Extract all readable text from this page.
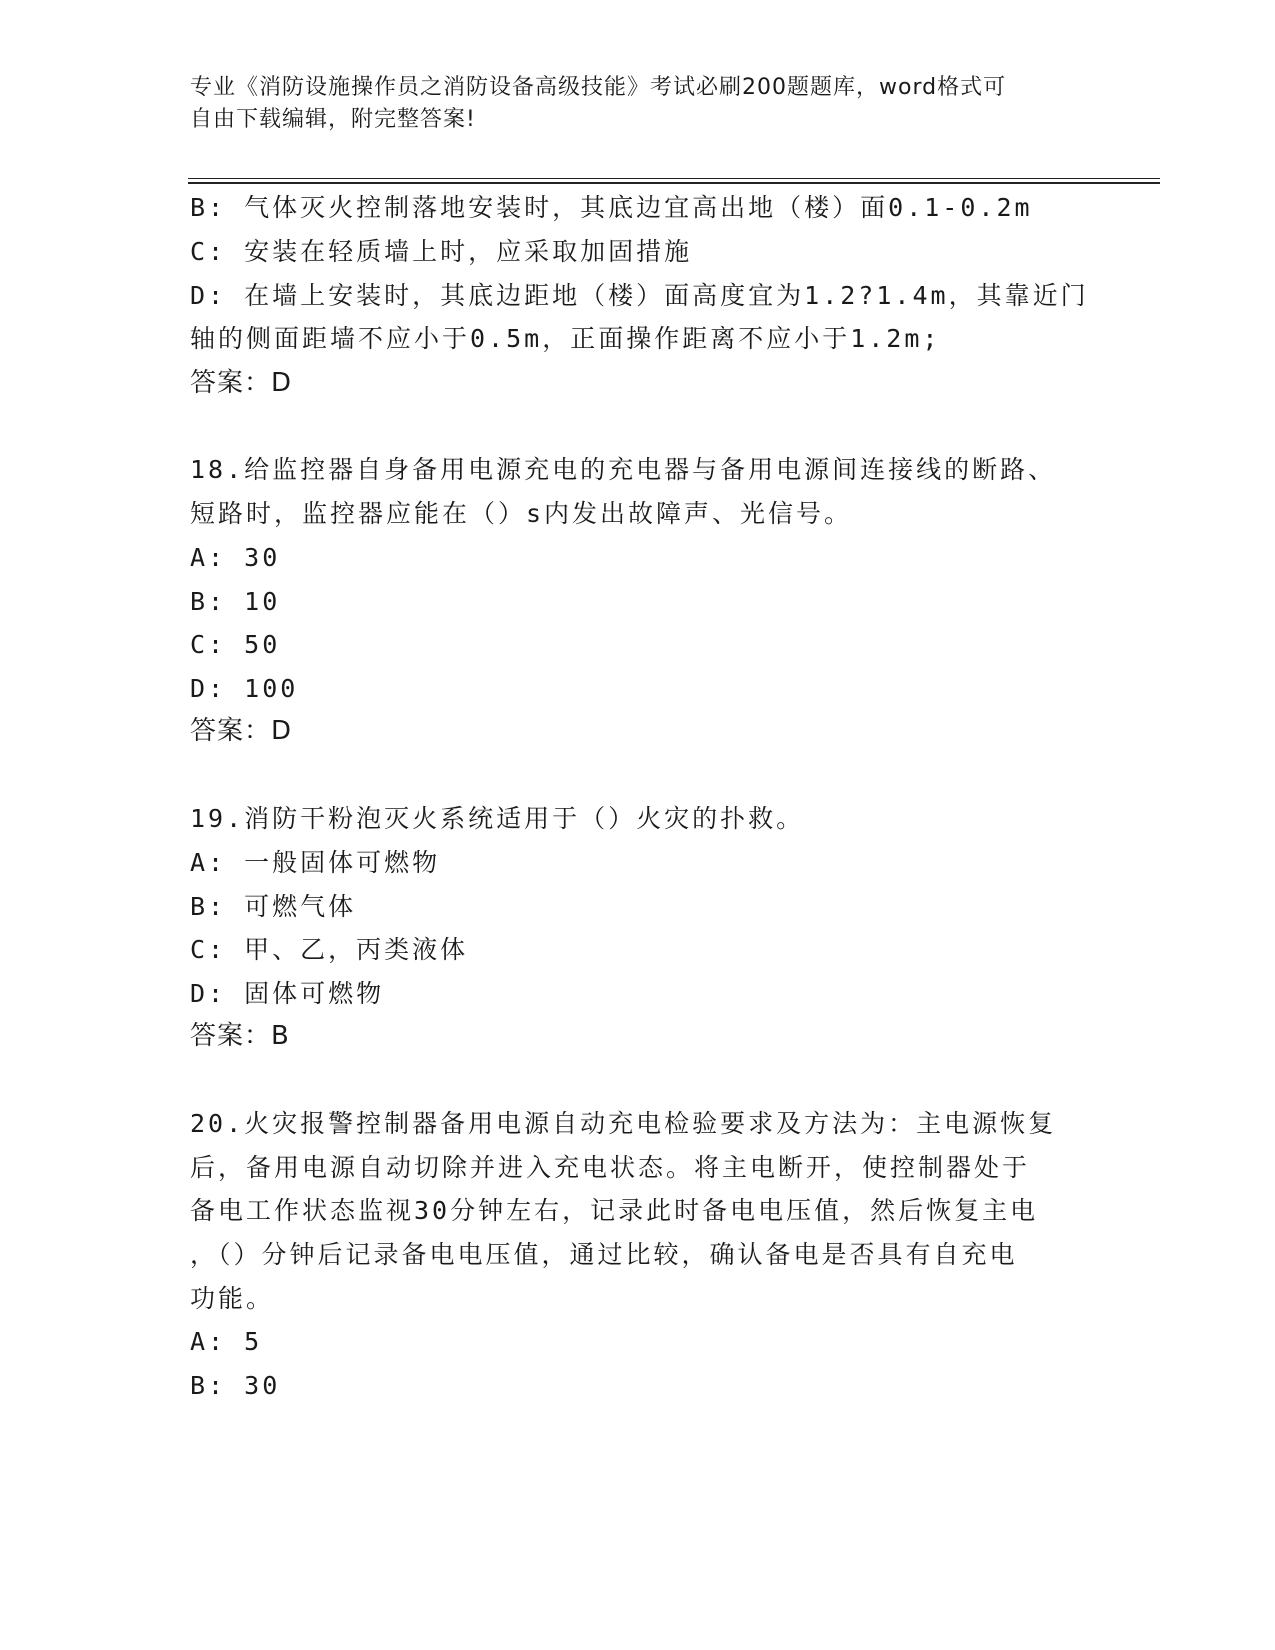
专业《消防设施操作员之消防设备高级技能》考试必刷200题题库，word格式可
自由下载编辑，附完整答案!
B: 气体灭火控制落地安装时，其底边宜高出地（楼）面0.1-0.2m
C: 安装在轻质墙上时，应采取加固措施
D: 在墙上安装时，其底边距地（楼）面高度宜为1.2?1.4m，其靠近门
轴的侧面距墙不应小于0.5m，正面操作距离不应小于1.2m;
答案：D
18.给监控器自身备用电源充电的充电器与备用电源间连接线的断路、
短路时，监控器应能在（）s内发出故障声、光信号。
A: 30
B: 10
C: 50
D: 100
答案：D
19.消防干粉泡灭火系统适用于（）火灾的扑救。
A: 一般固体可燃物
B: 可燃气体
C: 甲、乙，丙类液体
D: 固体可燃物
答案：B
20.火灾报警控制器备用电源自动充电检验要求及方法为：主电源恢复
后，备用电源自动切除并进入充电状态。将主电断开，使控制器处于
备电工作状态监视30分钟左右，记录此时备电电压值，然后恢复主电
，（）分钟后记录备电电压值，通过比较，确认备电是否具有自充电
功能。
A: 5
B: 30
